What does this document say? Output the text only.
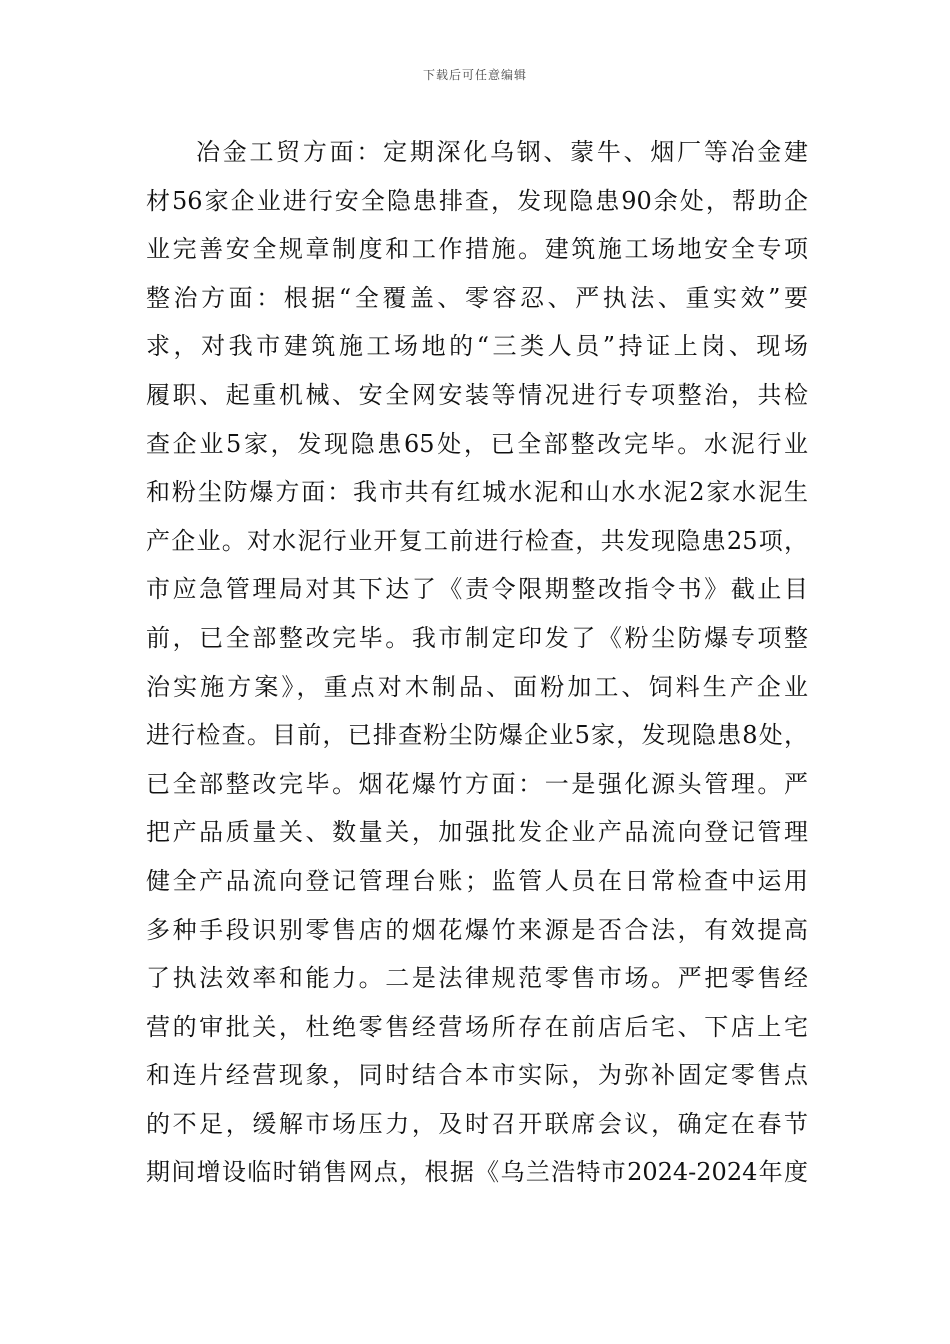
下载后可任意编辑
冶金工贸方面：定期深化乌钢、蒙牛、烟厂等冶金建
材56家企业进行安全隐患排查，发现隐患90余处，帮助企
业完善安全规章制度和工作措施。建筑施工场地安全专项
整治方面：根据“全覆盖、零容忍、严执法、重实效”要
求，对我市建筑施工场地的“三类人员”持证上岗、现场
履职、起重机械、安全网安装等情况进行专项整治，共检
查企业5家，发现隐患65处，已全部整改完毕。水泥行业
和粉尘防爆方面：我市共有红城水泥和山水水泥2家水泥生
产企业。对水泥行业开复工前进行检查，共发现隐患25项，
市应急管理局对其下达了《责令限期整改指令书》截止目
前，已全部整改完毕。我市制定印发了《粉尘防爆专项整
治实施方案》，重点对木制品、面粉加工、饲料生产企业
进行检查。目前，已排查粉尘防爆企业5家，发现隐患8处，
已全部整改完毕。烟花爆竹方面：一是强化源头管理。严
把产品质量关、数量关，加强批发企业产品流向登记管理
健全产品流向登记管理台账；监管人员在日常检查中运用
多种手段识别零售店的烟花爆竹来源是否合法，有效提高
了执法效率和能力。二是法律规范零售市场。严把零售经
营的审批关，杜绝零售经营场所存在前店后宅、下店上宅
和连片经营现象，同时结合本市实际，为弥补固定零售点
的不足，缓解市场压力，及时召开联席会议，确定在春节
期间增设临时销售网点，根据《乌兰浩特市2024-2024年度
